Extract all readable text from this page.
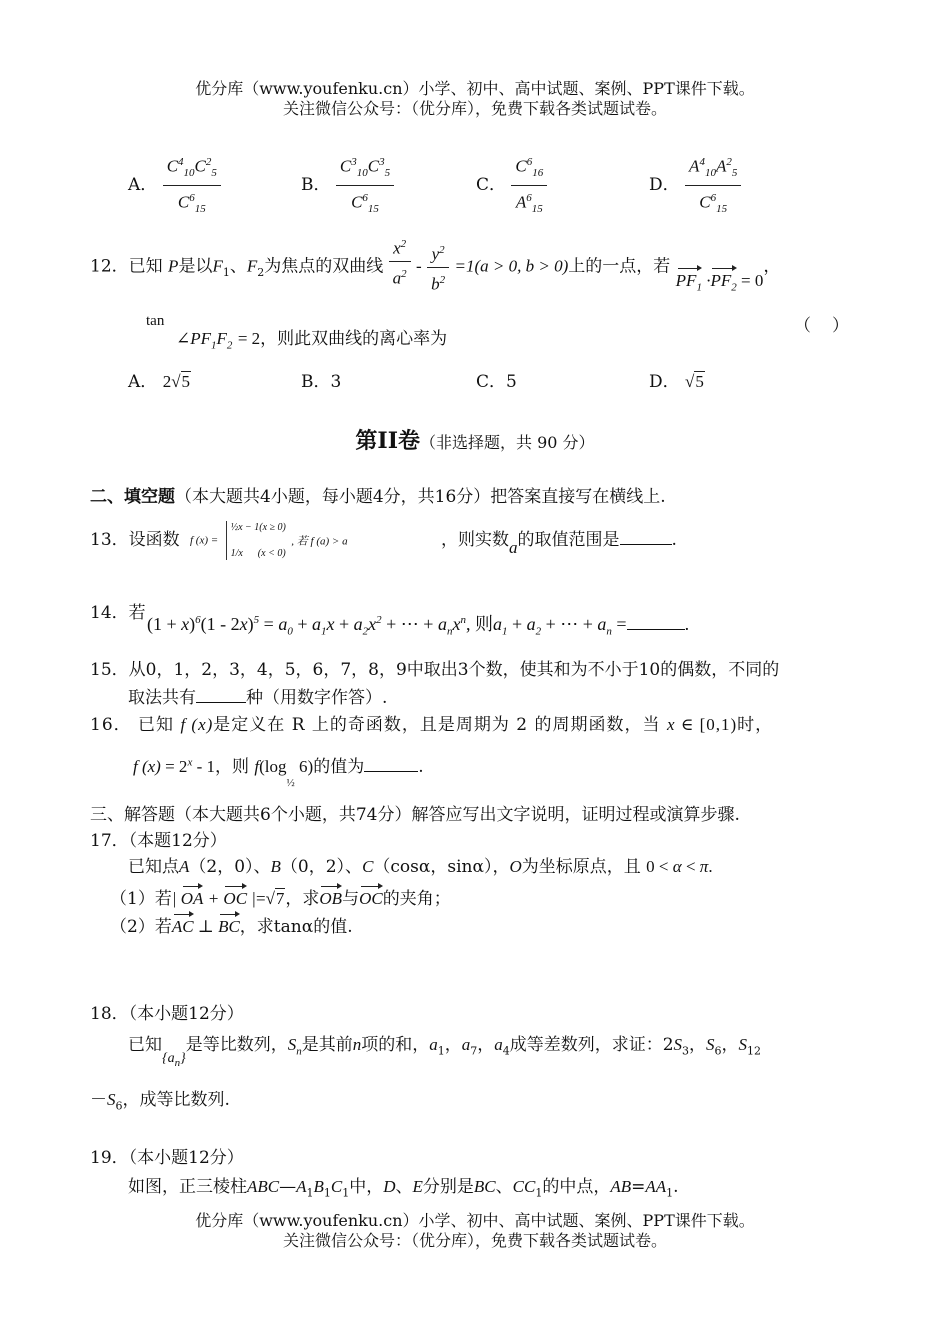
优分库（www.youfenku.cn）小学、初中、高中试题、案例、PPT课件下载。
关注微信公众号：（优分库），免费下载各类试题试卷。
A． $\frac{C^4_{10}C^2_5}{C^6_{15}}$	B． $\frac{C^3_{10}C^3_5}{C^6_{15}}$	C． $\frac{C^6_{16}}{A^6_{15}}$	D． $\frac{A^4_{10}A^2_5}{C^6_{15}}$
12．已知 P是以$F_1$、$F_2$为焦点的双曲线 $\frac{x^2}{a^2} - \frac{y^2}{b^2} =1(a > 0$, b > 0)上的一点，若 $PF_1 \cdot PF_2 = 0$，
tan
$\angle PF_1F_2 = 2$，则此双曲线的离心率为
（　）
A． 2√5	B．3	C．5	D． √5
第II卷（非选择题，共 90 分）
二、填空题（本大题共4小题，每小题4分，共16分）把答案直接写在横线上.
13．设函数 f (x) = ½x − 1(x ≥ 0)

1/x      (x < 0) , 若 f (a) > a	，则实数a的取值范围是	.
14．若
$(1 + x)^6(1 - 2x)^5 = a_0 + a_1x + a_2x^2$ + ⋯ + $a_nx^n$, 则$a_1 + a_2$ + ⋯ + $a_n$ =	.
15．从0，1，2，3，4，5，6，7，8，9中取出3个数，使其和为不小于10的偶数，不同的
取法共有	种（用数字作答）.
16． 已知 f (x)是定义在 R 上的奇函数，且是周期为 2 的周期函数，当 x ∈ [0,1)时，
f $(x) = 2^x - 1$，则 $f(\log_{\frac{1}{2}}$ 6)的值为	.
三、解答题（本大题共6个小题，共74分）解答应写出文字说明，证明过程或演算步骤.
17．（本题12分）
已知点A（2，0）、B（0，2）、C（cosα，sinα），O为坐标原点，且 0 < α < π.
（1）若| OA + OC |=√7，求OB与OC的夹角；
（2）若AC ⊥ BC，求tanα的值.
18．（本小题12分）
已知$_{\{a_n\}}$是等比数列，$S_n$是其前n项的和，$a_1$，$a_7$，$a_4$成等差数列，求证：$2S_3$，$S_6$，$S_{12}$
$-S_6$，成等比数列.
19．（本小题12分）
如图，正三棱柱$ABC—A_1B_1C_1$中，D、E分别是BC、$CC_1$的中点，$AB=AA_1$.
优分库（www.youfenku.cn）小学、初中、高中试题、案例、PPT课件下载。
关注微信公众号：（优分库），免费下载各类试题试卷。
